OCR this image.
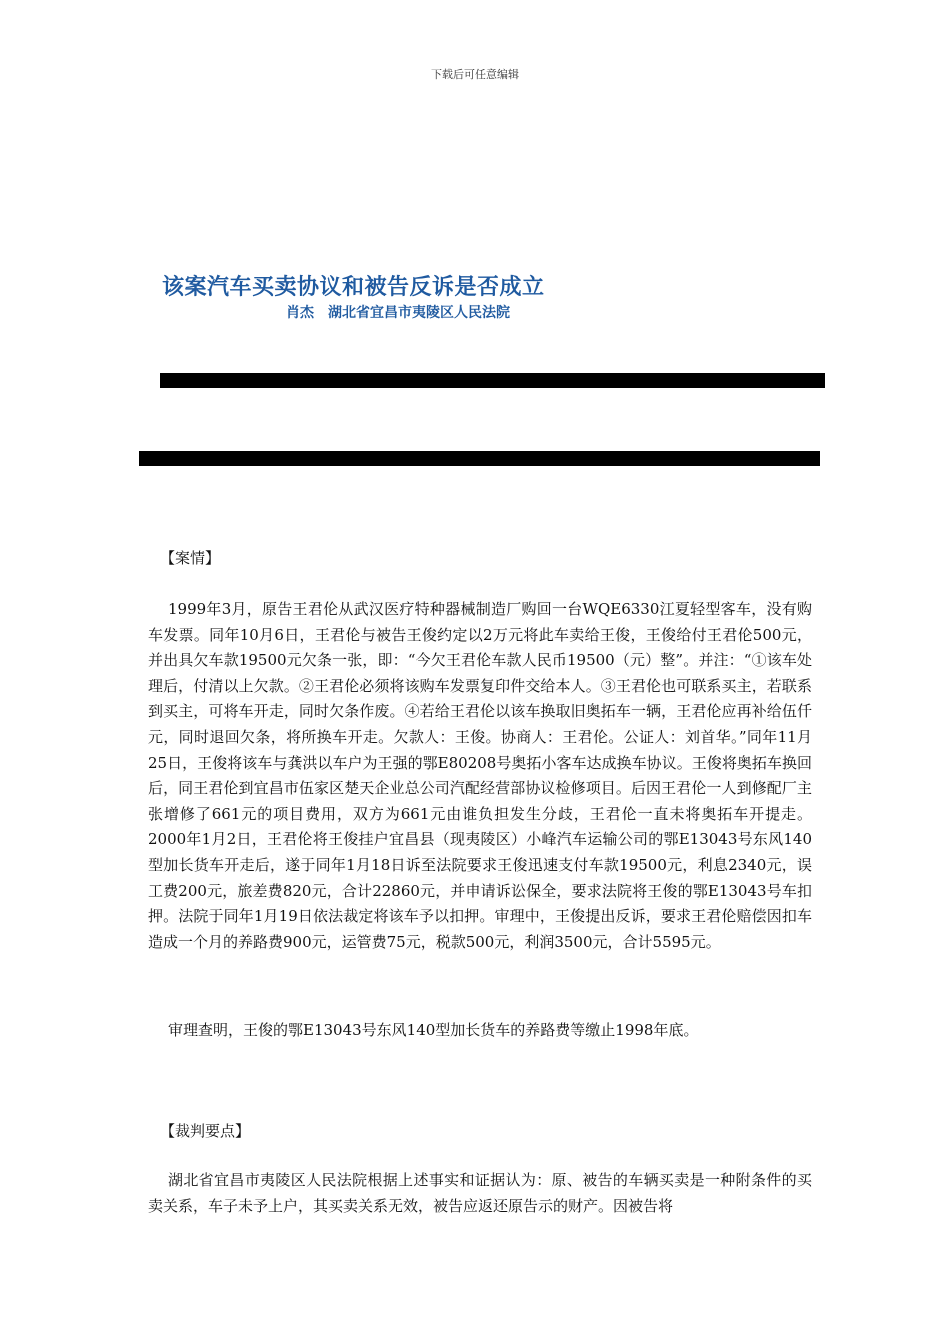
下载后可任意编辑
该案汽车买卖协议和被告反诉是否成立
肖杰 湖北省宜昌市夷陵区人民法院
【案情】
1999年3月，原告王君伦从武汉医疗特种器械制造厂购回一台WQE6330江夏轻型客车，没有购车发票。同年10月6日，王君伦与被告王俊约定以2万元将此车卖给王俊，王俊给付王君伦500元，并出具欠车款19500元欠条一张，即：“今欠王君伦车款人民币19500（元）整”。并注：“①该车处理后，付清以上欠款。②王君伦必须将该购车发票复印件交给本人。③王君伦也可联系买主，若联系到买主，可将车开走，同时欠条作废。④若给王君伦以该车换取旧奥拓车一辆，王君伦应再补给伍仟元，同时退回欠条，将所换车开走。欠款人：王俊。协商人：王君伦。公证人：刘首华。”同年11月25日，王俊将该车与龚洪以车户为王强的鄂E80208号奥拓小客车达成换车协议。王俊将奥拓车换回后，同王君伦到宜昌市伍家区楚天企业总公司汽配经营部协议检修项目。后因王君伦一人到修配厂主张增修了661元的项目费用，双方为661元由谁负担发生分歧，王君伦一直未将奥拓车开提走。2000年1月2日，王君伦将王俊挂户宜昌县（现夷陵区）小峰汽车运输公司的鄂E13043号东风140型加长货车开走后，遂于同年1月18日诉至法院要求王俊迅速支付车款19500元，利息2340元，误工费200元，旅差费820元，合计22860元，并申请诉讼保全，要求法院将王俊的鄂E13043号车扣押。法院于同年1月19日依法裁定将该车予以扣押。审理中，王俊提出反诉，要求王君伦赔偿因扣车造成一个月的养路费900元，运管费75元，税款500元，利润3500元，合计5595元。
审理查明，王俊的鄂E13043号东风140型加长货车的养路费等缴止1998年底。
【裁判要点】
湖北省宜昌市夷陵区人民法院根据上述事实和证据认为：原、被告的车辆买卖是一种附条件的买卖关系，车子未予上户，其买卖关系无效，被告应返还原告示的财产。因被告将
